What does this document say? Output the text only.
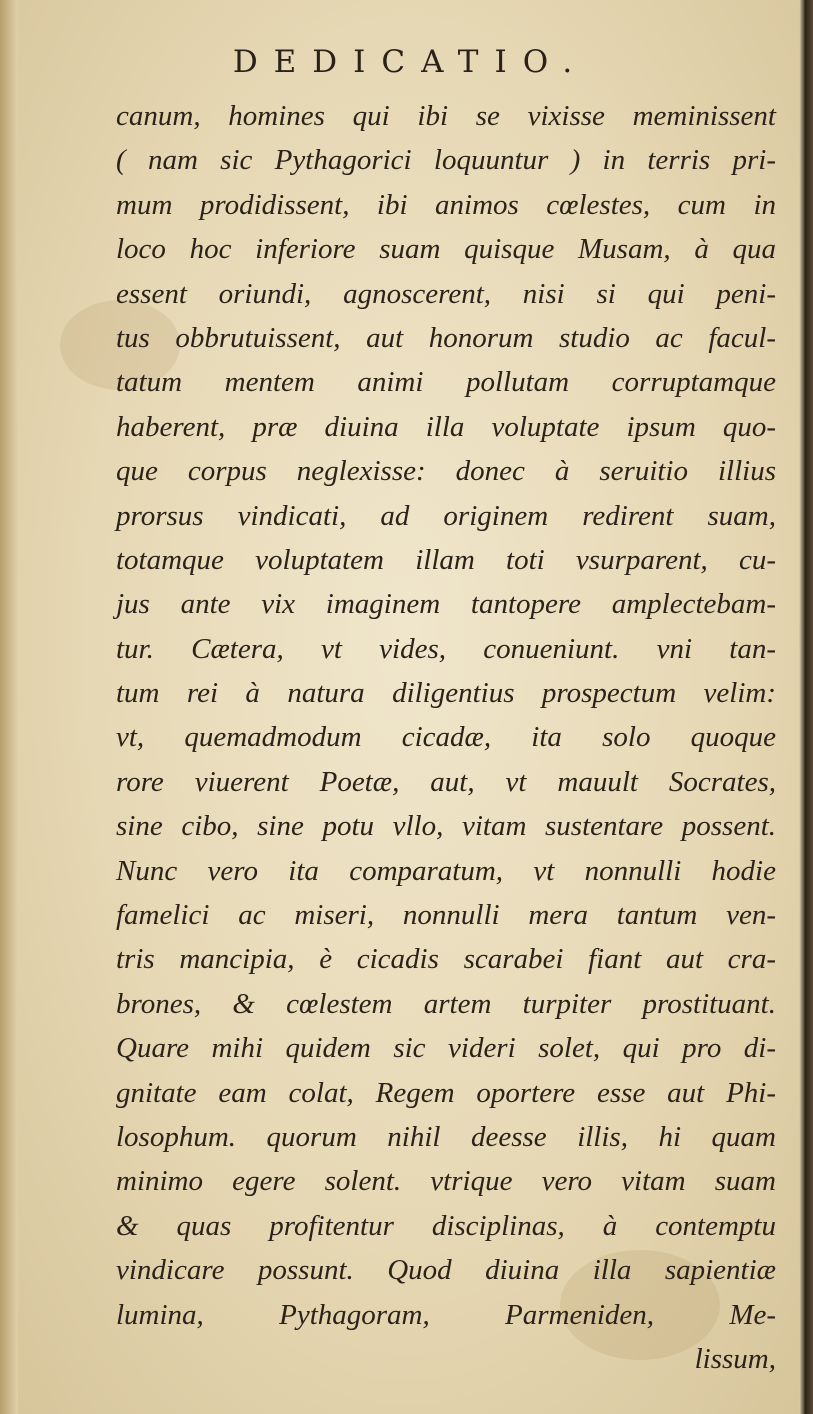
DEDICATIO.
canum, homines qui ibi se vixisse meminissent
( nam sic Pythagorici loquuntur ) in terris pri-
mum prodidissent, ibi animos cœlestes, cum in
loco hoc inferiore suam quisque Musam, à qua
essent oriundi, agnoscerent, nisi si qui peni-
tus obbrutuissent, aut honorum studio ac facul-
tatum mentem animi pollutam corruptamque
haberent, præ diuina illa voluptate ipsum quo-
que corpus neglexisse: donec à seruitio illius
prorsus vindicati, ad originem redirent suam,
totamque voluptatem illam toti vsurparent, cu-
jus ante vix imaginem tantopere amplectebam-
tur. Cætera, vt vides, conueniunt. vni tan-
tum rei à natura diligentius prospectum velim:
vt, quemadmodum cicadæ, ita solo quoque
rore viuerent Poetæ, aut, vt mauult Socrates,
sine cibo, sine potu vllo, vitam sustentare possent.
Nunc vero ita comparatum, vt nonnulli hodie
famelici ac miseri, nonnulli mera tantum ven-
tris mancipia, è cicadis scarabei fiant aut cra-
brones, & cœlestem artem turpiter prostituant.
Quare mihi quidem sic videri solet, qui pro di-
gnitate eam colat, Regem oportere esse aut Phi-
losophum. quorum nihil deesse illis, hi quam
minimo egere solent. vtrique vero vitam suam
& quas profitentur disciplinas, à contemptu
vindicare possunt. Quod diuina illa sapientiæ
lumina, Pythagoram, Parmeniden, Me-
lissum,
